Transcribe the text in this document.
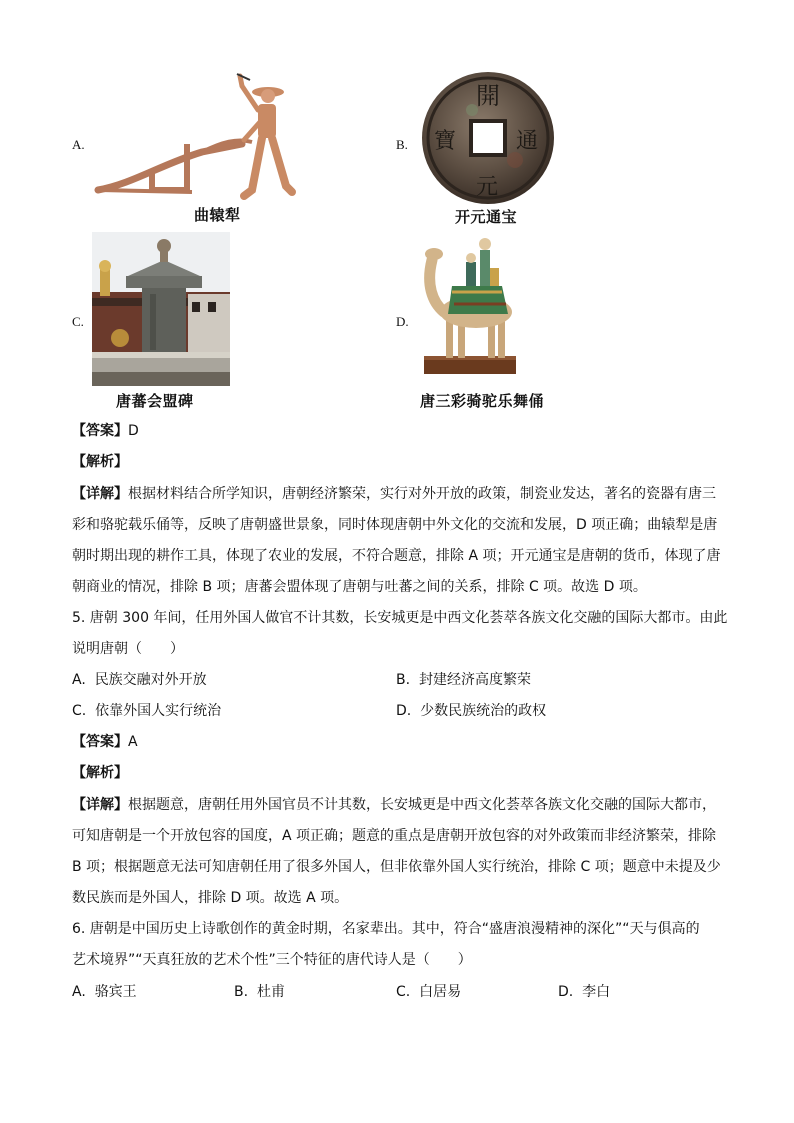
A.
曲辕犁
B.
開
通
元
寶
开元通宝
C.
唐蕃会盟碑
D.
唐三彩骑驼乐舞俑
【答案】D
【解析】
【详解】根据材料结合所学知识，唐朝经济繁荣，实行对外开放的政策，制瓷业发达，著名的瓷器有唐三
彩和骆驼载乐俑等，反映了唐朝盛世景象，同时体现唐朝中外文化的交流和发展，D 项正确；曲辕犁是唐
朝时期出现的耕作工具，体现了农业的发展，不符合题意，排除 A 项；开元通宝是唐朝的货币，体现了唐
朝商业的情况，排除 B 项；唐蕃会盟体现了唐朝与吐蕃之间的关系，排除 C 项。故选 D 项。
5. 唐朝 300 年间，任用外国人做官不计其数，长安城更是中西文化荟萃各族文化交融的国际大都市。由此
说明唐朝（　　）
A. 民族交融对外开放	B. 封建经济高度繁荣
C. 依靠外国人实行统治	D. 少数民族统治的政权
【答案】A
【解析】
【详解】根据题意，唐朝任用外国官员不计其数，长安城更是中西文化荟萃各族文化交融的国际大都市，
可知唐朝是一个开放包容的国度，A 项正确；题意的重点是唐朝开放包容的对外政策而非经济繁荣，排除
B 项；根据题意无法可知唐朝任用了很多外国人，但非依靠外国人实行统治，排除 C 项；题意中未提及少
数民族而是外国人，排除 D 项。故选 A 项。
6. 唐朝是中国历史上诗歌创作的黄金时期，名家辈出。其中，符合“盛唐浪漫精神的深化”“天与俱高的
艺术境界”“天真狂放的艺术个性”三个特征的唐代诗人是（　　）
A. 骆宾王	B. 杜甫	C. 白居易	D. 李白
